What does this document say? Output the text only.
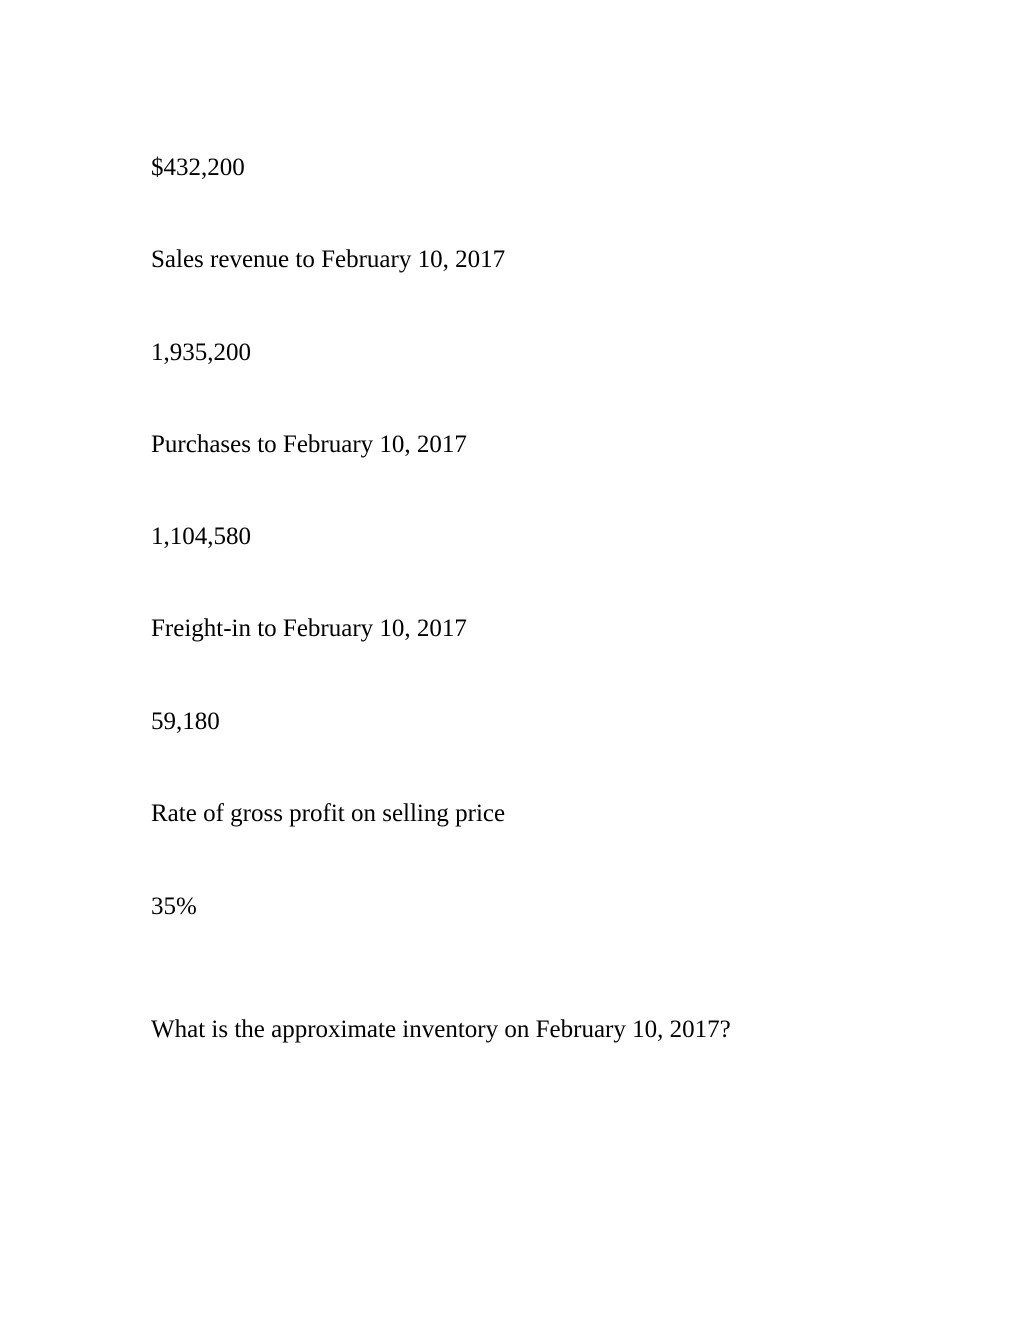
$432,200
Sales revenue to February 10, 2017
1,935,200
Purchases to February 10, 2017
1,104,580
Freight-in to February 10, 2017
59,180
Rate of gross profit on selling price
35%
What is the approximate inventory on February 10, 2017?
